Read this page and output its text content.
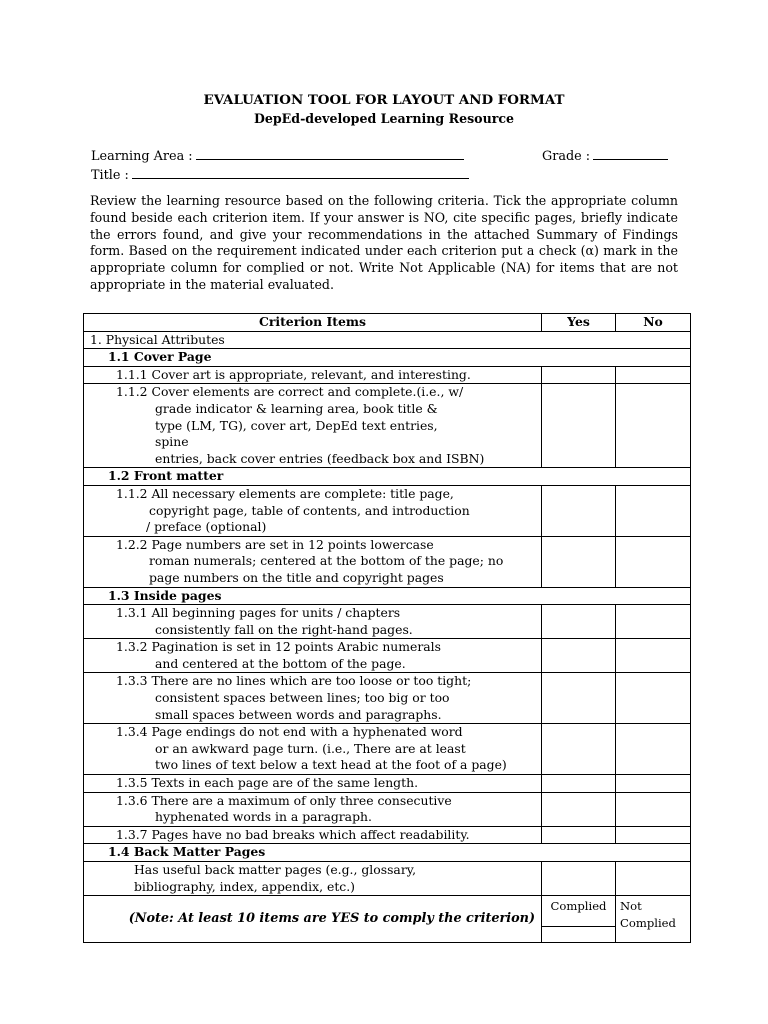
EVALUATION TOOL FOR LAYOUT AND FORMAT
DepEd-developed Learning Resource
Learning Area :	Grade :
Title :
Review the learning resource based on the following criteria. Tick the appropriate column found beside each criterion item. If your answer is NO, cite specific pages, briefly indicate the errors found, and give your recommendations in the attached Summary of Findings form. Based on the requirement indicated under each criterion put a check (α) mark in the appropriate column for complied or not. Write Not Applicable (NA) for items that are not appropriate in the material evaluated.
Criterion Items	Yes	No
1. Physical Attributes		
1.1 Cover Page		
1.1.1 Cover art is appropriate, relevant, and interesting.		

1.1.2 Cover elements are correct and complete.(i.e., w/
grade indicator & learning area, book title &
type (LM, TG), cover art, DepEd text entries,
spine
entries, back cover entries (feedback box and ISBN)		

1.2 Front matter		

1.1.2 All necessary elements are complete: title page,
copyright page, table of contents, and introduction
/ preface (optional)		

1.2.2 Page numbers are set in 12 points lowercase
roman numerals; centered at the bottom of the page; no
page numbers on the title and copyright pages		

1.3 Inside pages		

1.3.1 All beginning pages for units / chapters
consistently fall on the right-hand pages.		

1.3.2 Pagination is set in 12 points Arabic numerals
and centered at the bottom of the page.		

1.3.3 There are no lines which are too loose or too tight;
consistent spaces between lines; too big or too
small spaces between words and paragraphs.		

1.3.4 Page endings do not end with a hyphenated word
or an awkward page turn. (i.e., There are at least
two lines of text below a text head at the foot of a page)		

1.3.5 Texts in each page are of the same length.		

1.3.6 There are a maximum of only three consecutive
hyphenated words in a paragraph.		

1.3.7 Pages have no bad breaks which affect readability.		
1.4 Back Matter Pages		

Has useful back matter pages (e.g., glossary,
bibliography, index, appendix, etc.)		

(Note: At least 10 items are YES to comply the criterion)	Complied	Not Complied
